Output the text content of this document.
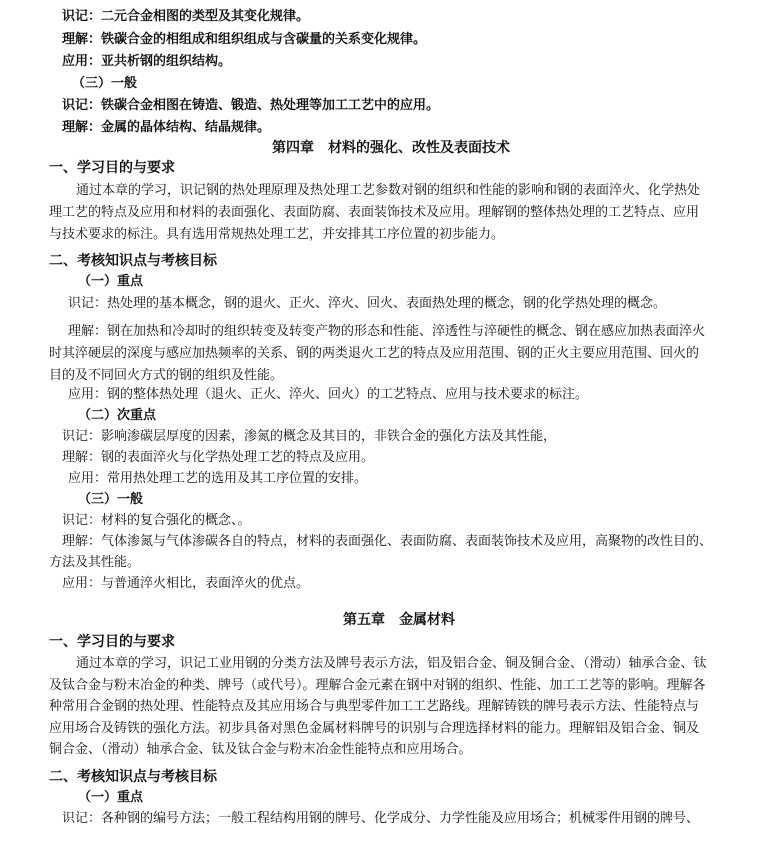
识记：二元合金相图的类型及其变化规律。
理解：铁碳合金的相组成和组织组成与含碳量的关系变化规律。
应用：亚共析钢的组织结构。
（三）一般
识记：铁碳合金相图在铸造、锻造、热处理等加工工艺中的应用。
理解：金属的晶体结构、结晶规律。
第四章　材料的强化、改性及表面技术
一、学习目的与要求
通过本章的学习，识记钢的热处理原理及热处理工艺参数对钢的组织和性能的影响和钢的表面淬火、化学热处
理工艺的特点及应用和材料的表面强化、表面防腐、表面装饰技术及应用。理解钢的整体热处理的工艺特点、应用
与技术要求的标注。具有选用常规热处理工艺，并安排其工序位置的初步能力。
二、考核知识点与考核目标
（一）重点
识记：热处理的基本概念，钢的退火、正火、淬火、回火、表面热处理的概念，钢的化学热处理的概念。
理解：钢在加热和冷却时的组织转变及转变产物的形态和性能、淬透性与淬硬性的概念、钢在感应加热表面淬火
时其淬硬层的深度与感应加热频率的关系、钢的两类退火工艺的特点及应用范围、钢的正火主要应用范围、回火的
目的及不同回火方式的钢的组织及性能。
应用：钢的整体热处理（退火、正火、淬火、回火）的工艺特点、应用与技术要求的标注。
（二）次重点
识记：影响渗碳层厚度的因素，渗氮的概念及其目的，非铁合金的强化方法及其性能，
理解：钢的表面淬火与化学热处理工艺的特点及应用。
应用：常用热处理工艺的选用及其工序位置的安排。
（三）一般
识记：材料的复合强化的概念、。
理解：气体渗氮与气体渗碳各自的特点，材料的表面强化、表面防腐、表面装饰技术及应用，高聚物的改性目的、
方法及其性能。
应用：与普通淬火相比，表面淬火的优点。
第五章　金属材料
一、学习目的与要求
通过本章的学习，识记工业用钢的分类方法及牌号表示方法，铝及铝合金、铜及铜合金、（滑动）轴承合金、钛
及钛合金与粉末冶金的种类、牌号（或代号）。理解合金元素在钢中对钢的组织、性能、加工工艺等的影响。理解各
种常用合金钢的热处理、性能特点及其应用场合与典型零件加工工艺路线。理解铸铁的牌号表示方法、性能特点与
应用场合及铸铁的强化方法。初步具备对黑色金属材料牌号的识别与合理选择材料的能力。理解铝及铝合金、铜及
铜合金、（滑动）轴承合金、钛及钛合金与粉末冶金性能特点和应用场合。
二、考核知识点与考核目标
（一）重点
识记：各种钢的编号方法；一般工程结构用钢的牌号、化学成分、力学性能及应用场合；机械零件用钢的牌号、
